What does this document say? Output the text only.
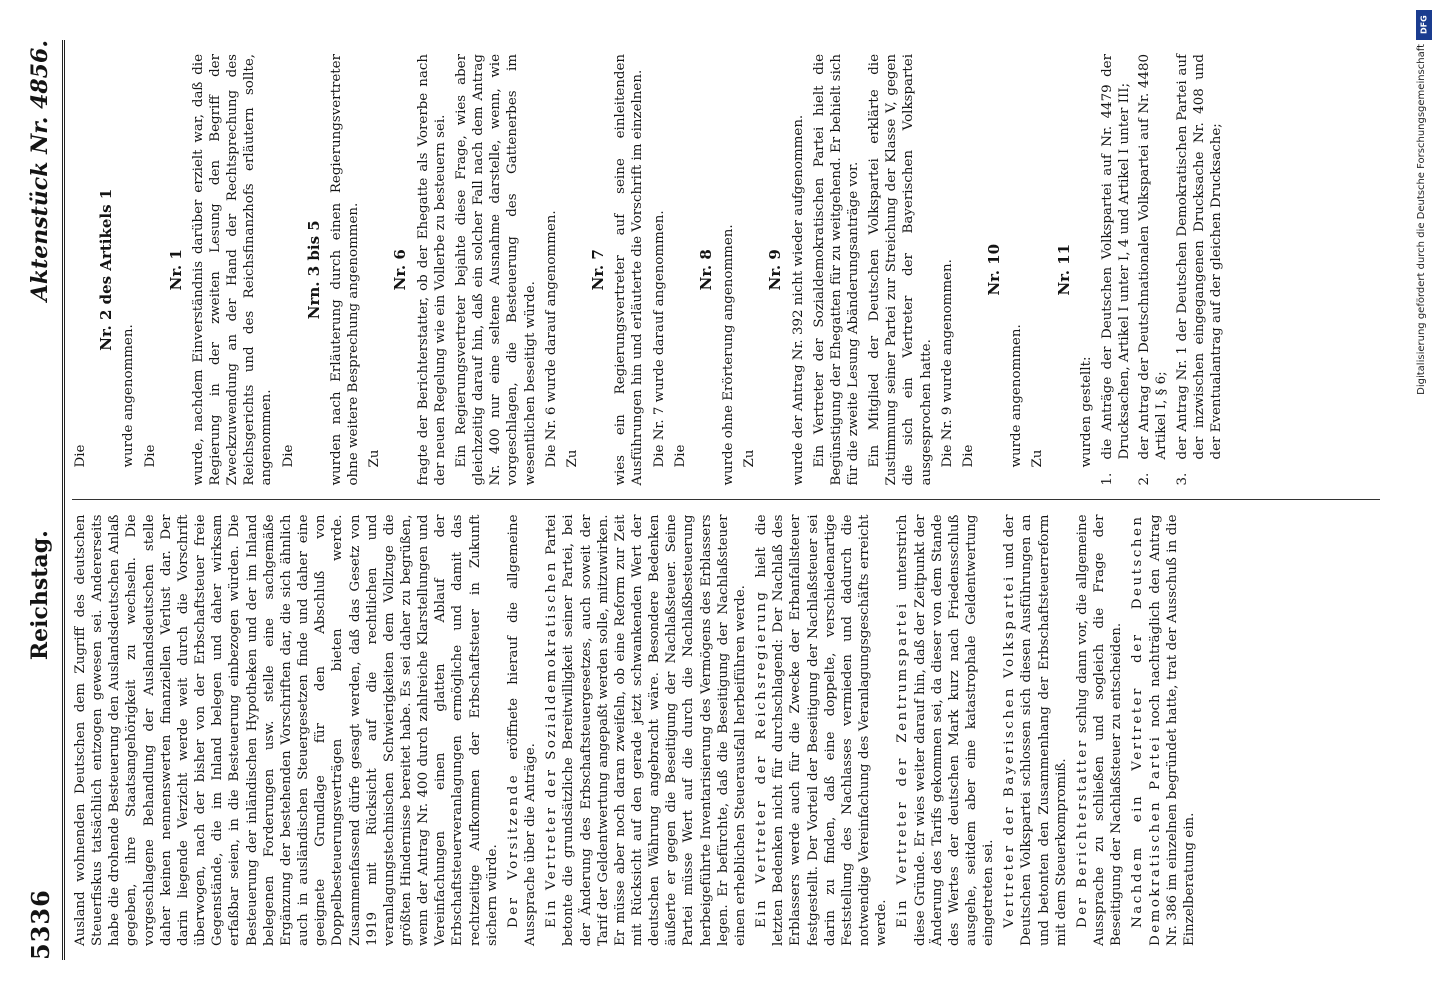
5336
Reichstag.
Aktenstück Nr. 4856.

Ausland wohnenden Deutschen dem Zugriff des deutschen Steuerfiskus tatsächlich entzogen gewesen sei. Andererseits habe die drohende Besteuerung den Auslandsdeutschen Anlaß gegeben, ihre Staatsangehörigkeit zu wechseln. Die vorgeschlagene Behandlung der Auslandsdeutschen stelle daher keinen nennenswerten finanziellen Verlust dar. Der darin liegende Verzicht werde weit durch die Vorschrift überwogen, nach der bisher von der Erbschaftsteuer freie Gegenstände, die im Inland belegen und daher wirksam erfaßbar seien, in die Besteuerung einbezogen würden. Die Besteuerung der inländischen Hypotheken und der im Inland belegenen Forderungen usw. stelle eine sachgemäße Ergänzung der bestehenden Vorschriften dar, die sich ähnlich auch in ausländischen Steuergesetzen finde und daher eine geeignete Grundlage für den Abschluß von Doppelbesteuerungsverträgen bieten werde. Zusammenfassend dürfe gesagt werden, daß das Gesetz von 1919 mit Rücksicht auf die rechtlichen und veranlagungstechnischen Schwierigkeiten dem Vollzuge die größten Hindernisse bereitet habe. Es sei daher zu begrüßen, wenn der Antrag Nr. 400 durch zahlreiche Klarstellungen und Vereinfachungen einen glatten Ablauf der Erbschaftsteuerveranlagungen ermögliche und damit das rechtzeitige Aufkommen der Erbschaftsteuer in Zukunft sichern würde. Der Vorsitzende eröffnete hierauf die allgemeine Aussprache über die Anträge. Ein Vertreter der Sozialdemokratischen Partei betonte die grundsätzliche Bereitwilligkeit seiner Partei, bei der Änderung des Erbschaftsteuergesetzes, auch soweit der Tarif der Geldentwertung angepaßt werden solle, mitzuwirken. Er müsse aber noch daran zweifeln, ob eine Reform zur Zeit mit Rücksicht auf den gerade jetzt schwankenden Wert der deutschen Währung angebracht wäre. Besondere Bedenken äußerte er gegen die Beseitigung der Nachlaßsteuer. Seine Partei müsse Wert auf die durch die Nachlaßbesteuerung herbeigeführte Inventarisierung des Vermögens des Erblassers legen. Er befürchte, daß die Beseitigung der Nachlaßsteuer einen erheblichen Steuerausfall herbeiführen werde. Ein Vertreter der Reichsregierung hielt die letzten Bedenken nicht für durchschlagend: Der Nachlaß des Erblassers werde auch für die Zwecke der Erbanfallsteuer festgestellt. Der Vorteil der Beseitigung der Nachlaßsteuer sei darin zu finden, daß eine doppelte, verschiedenartige Feststellung des Nachlasses vermieden und dadurch die notwendige Vereinfachung des Veranlagungsgeschäfts erreicht werde. Ein Vertreter der Zentrumspartei unterstrich diese Gründe. Er wies weiter darauf hin, daß der Zeitpunkt der Änderung des Tarifs gekommen sei, da dieser von dem Stande des Wertes der deutschen Mark kurz nach Friedensschluß ausgehe, seitdem aber eine katastrophale Geldentwertung eingetreten sei. Vertreter der Bayerischen Volkspartei und der Deutschen Volkspartei schlossen sich diesen Ausführungen an und betonten den Zusammenhang der Erbschaftsteuerreform mit dem Steuerkompromiß. Der Berichterstatter schlug dann vor, die allgemeine Aussprache zu schließen und sogleich die Frage der Beseitigung der Nachlaßsteuer zu entscheiden. Nachdem ein Vertreter der Deutschen Demokratischen Partei noch nachträglich den Antrag Nr. 386 im einzelnen begründet hatte, trat der Ausschuß in die Einzelberatung ein.

Die

Nr. 2 des Artikels 1

wurde angenommen. Die

Nr. 1 wurde, nachdem Einverständnis darüber erzielt war, daß die Regierung in der zweiten Lesung den Begriff der Zweckzuwendung an der Hand der Rechtsprechung des Reichsgerichts und des Reichsfinanzhofs erläutern sollte, angenommen. Die

Nrn. 3 bis 5 wurden nach Erläuterung durch einen Regierungsvertreter ohne weitere Besprechung angenommen. Zu

Nr. 6 fragte der Berichterstatter, ob der Ehegatte als Vorerbe nach der neuen Regelung wie ein Vollerbe zu besteuern sei. Ein Regierungsvertreter bejahte diese Frage, wies aber gleichzeitig darauf hin, daß ein solcher Fall nach dem Antrag Nr. 400 nur eine seltene Ausnahme darstelle, wenn, wie vorgeschlagen, die Besteuerung des Gattenerbes im wesentlichen beseitigt würde. Die Nr. 6 wurde darauf angenommen. Zu

Nr. 7 wies ein Regierungsvertreter auf seine einleitenden Ausführungen hin und erläuterte die Vorschrift im einzelnen. Die Nr. 7 wurde darauf angenommen. Die

Nr. 8 wurde ohne Erörterung angenommen. Zu

Nr. 9 wurde der Antrag Nr. 392 nicht wieder aufgenommen. Ein Vertreter der Sozialdemokratischen Partei hielt die Begünstigung der Ehegatten für zu weitgehend. Er behielt sich für die zweite Lesung Abänderungsanträge vor. Ein Mitglied der Deutschen Volkspartei erklärte die Zustimmung seiner Partei zur Streichung der Klasse V, gegen die sich ein Vertreter der Bayerischen Volkspartei ausgesprochen hatte. Die Nr. 9 wurde angenommen. Die

Nr. 10

wurde angenommen. Zu

Nr. 11

wurden gestellt:

1.
die Anträge der Deutschen Volkspartei auf Nr. 4479 der Drucksachen, Artikel I unter I, 4 und Artikel I unter III;
2.
der Antrag der Deutschnationalen Volkspartei auf Nr. 4480 Artikel I, § 6;
3.
der Antrag Nr. 1 der Deutschen Demokratischen Partei auf der inzwischen eingegangenen Drucksache Nr. 408 und der Eventualantrag auf der gleichen Drucksache;
DFG
Digitalisierung gefördert durch die Deutsche Forschungsgemeinschaft
